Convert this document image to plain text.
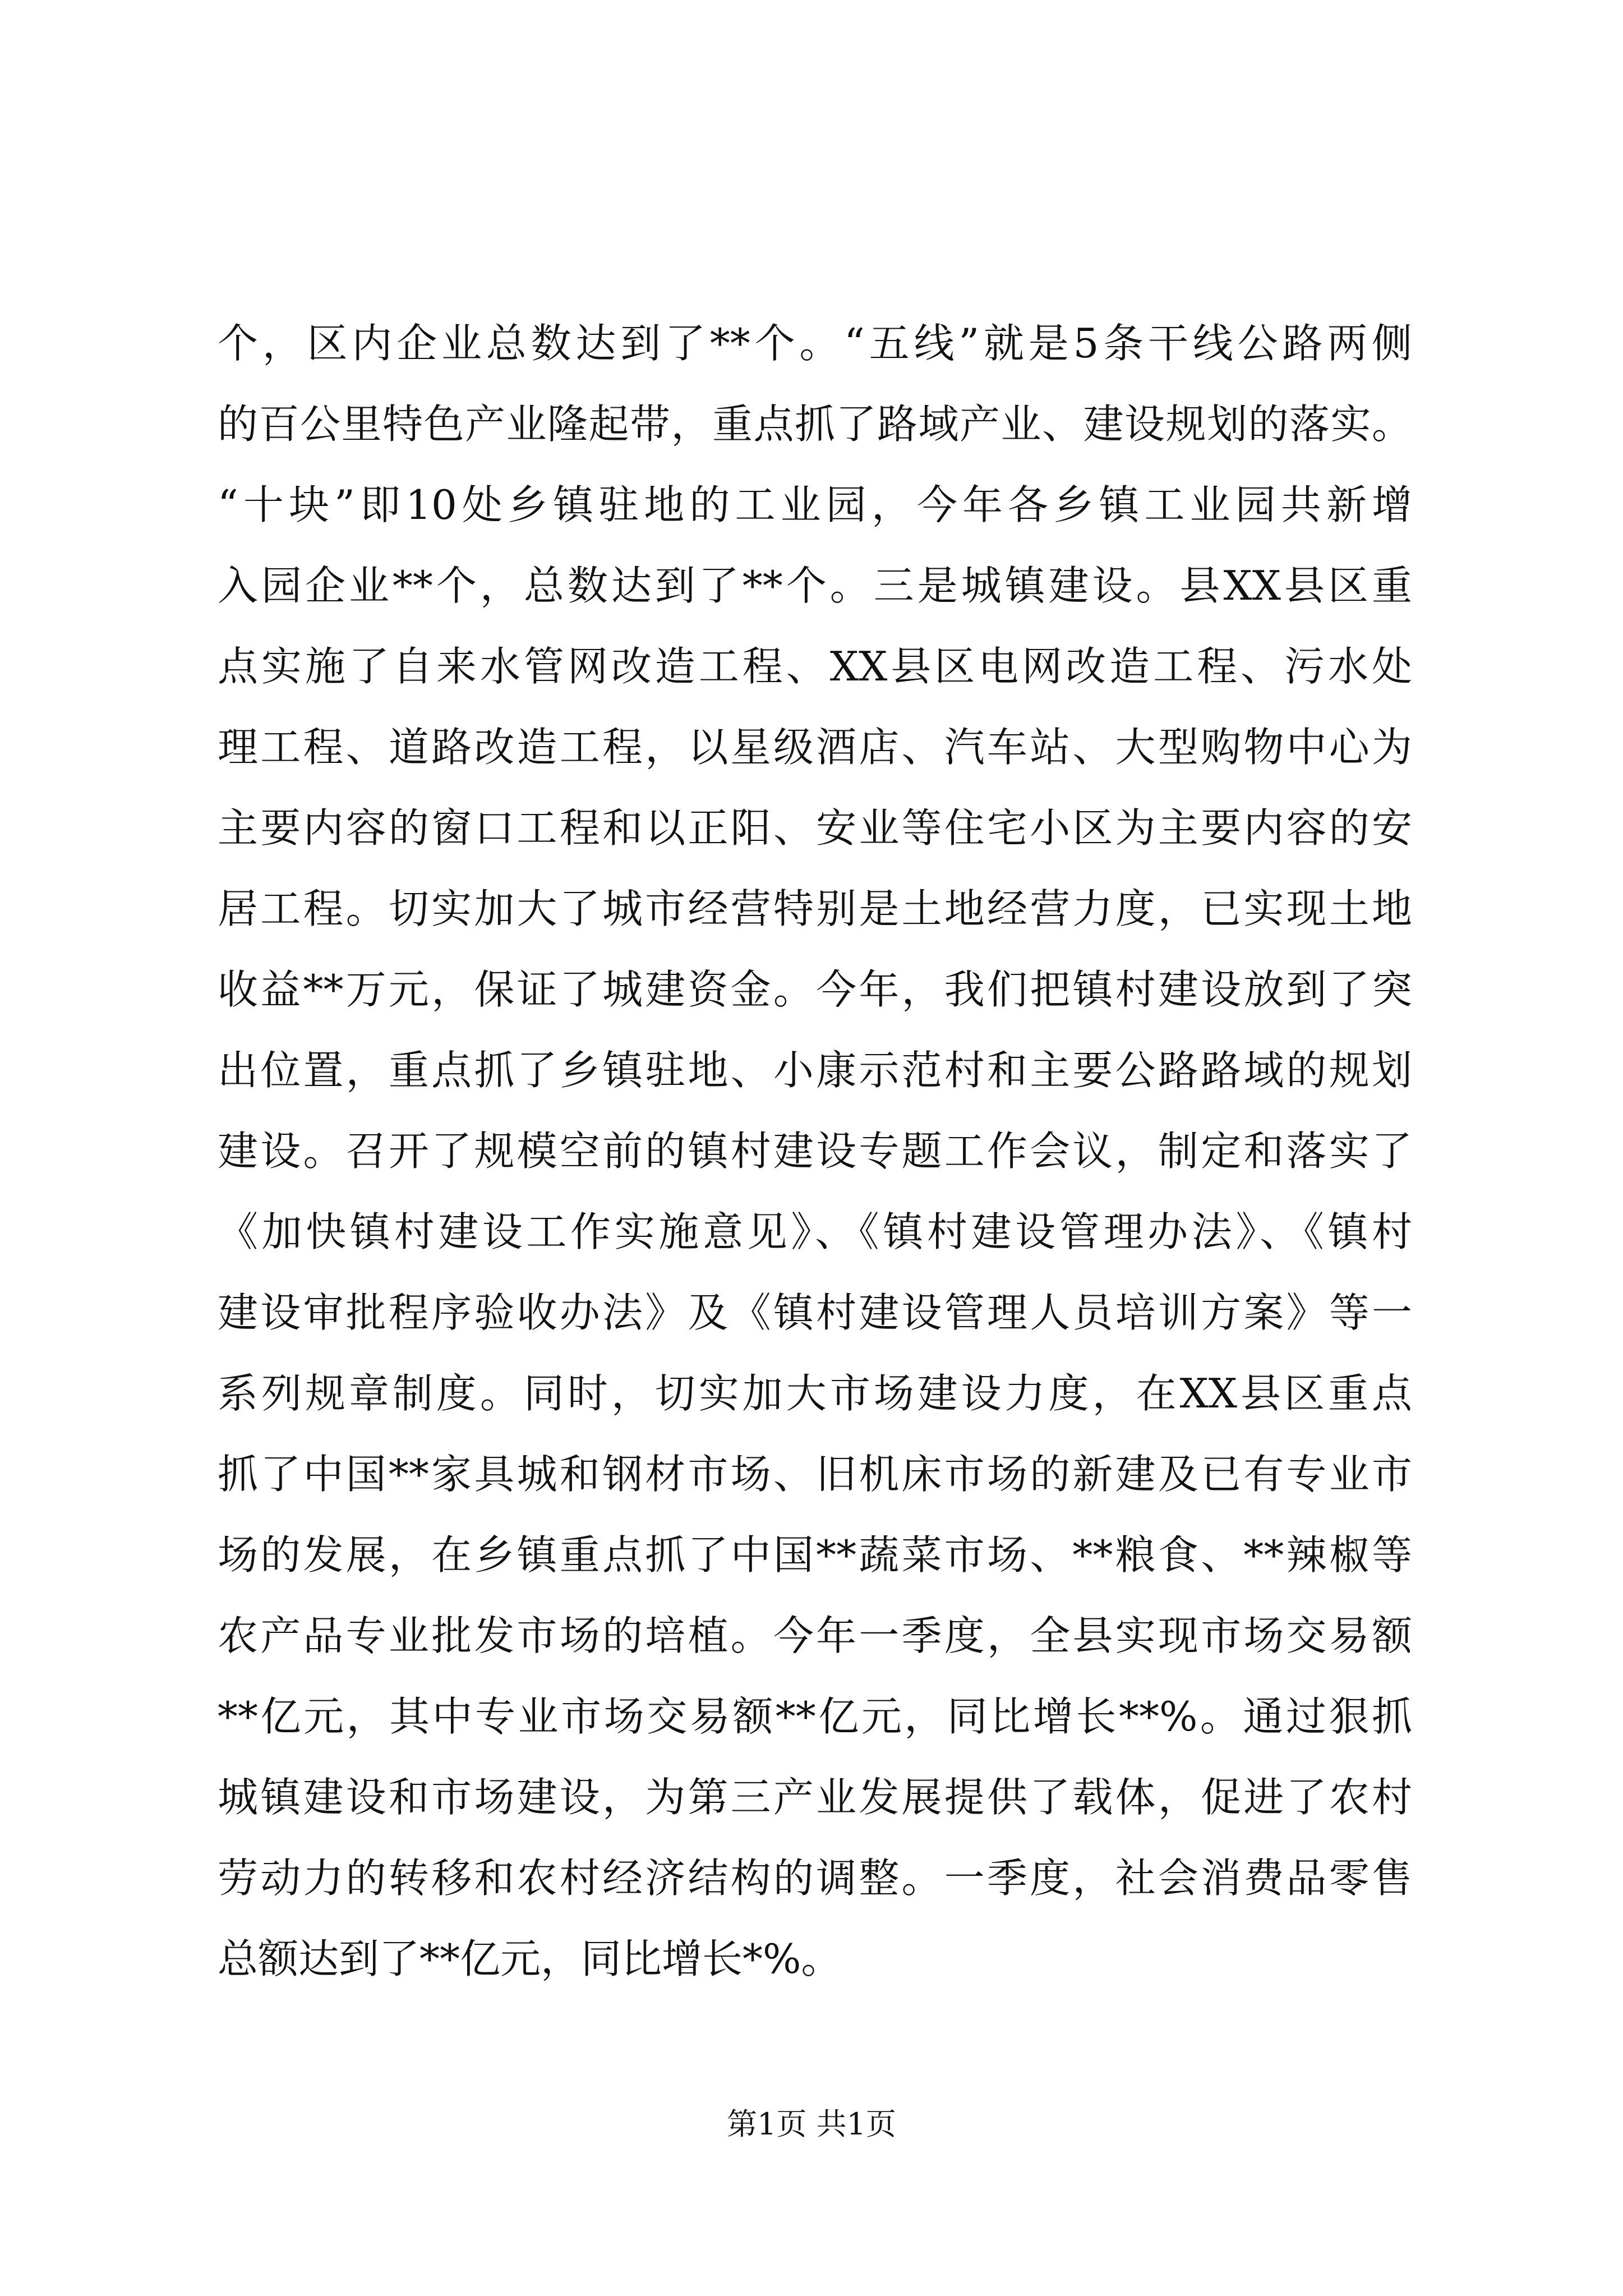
个，区内企业总数达到了**个。“五线”就是5条干线公路两侧
的百公里特色产业隆起带，重点抓了路域产业、建设规划的落实。
“十块”即10处乡镇驻地的工业园，今年各乡镇工业园共新增
入园企业**个，总数达到了**个。三是城镇建设。县XX县区重
点实施了自来水管网改造工程、XX县区电网改造工程、污水处
理工程、道路改造工程，以星级酒店、汽车站、大型购物中心为
主要内容的窗口工程和以正阳、安业等住宅小区为主要内容的安
居工程。切实加大了城市经营特别是土地经营力度，已实现土地
收益**万元，保证了城建资金。今年，我们把镇村建设放到了突
出位置，重点抓了乡镇驻地、小康示范村和主要公路路域的规划
建设。召开了规模空前的镇村建设专题工作会议，制定和落实了
《加快镇村建设工作实施意见》、《镇村建设管理办法》、《镇村
建设审批程序验收办法》及《镇村建设管理人员培训方案》等一
系列规章制度。同时，切实加大市场建设力度，在XX县区重点
抓了中国**家具城和钢材市场、旧机床市场的新建及已有专业市
场的发展，在乡镇重点抓了中国**蔬菜市场、**粮食、**辣椒等
农产品专业批发市场的培植。今年一季度，全县实现市场交易额
**亿元，其中专业市场交易额**亿元，同比增长**%。通过狠抓
城镇建设和市场建设，为第三产业发展提供了载体，促进了农村
劳动力的转移和农村经济结构的调整。一季度，社会消费品零售
总额达到了**亿元，同比增长*%。
第1页 共1页
